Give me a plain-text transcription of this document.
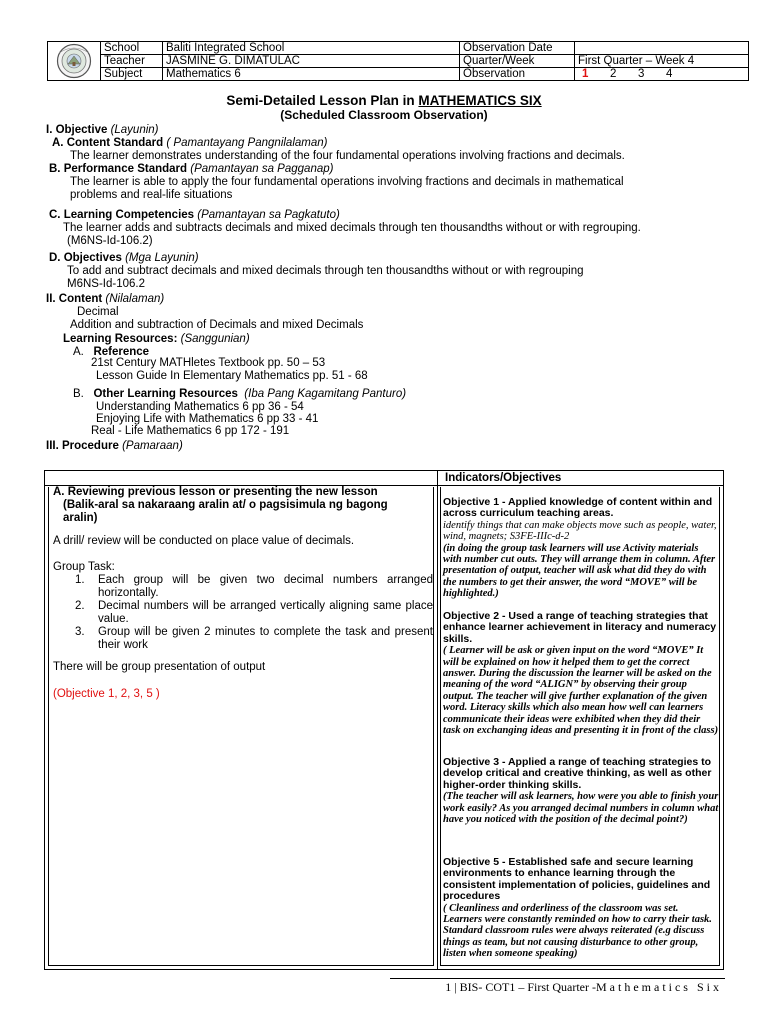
	School	Baliti Integrated School	Observation Date	
	Teacher	JASMINE G. DIMATULAC	Quarter/Week	First Quarter – Week 4
	Subject	Mathematics 6	Observation	1 2 3 4
Semi-Detailed Lesson Plan in MATHEMATICS SIX
(Scheduled Classroom Observation)
I. Objective (Layunin)
A. Content Standard ( Pamantayang Pangnilalaman)
The learner demonstrates understanding of the four fundamental operations involving fractions and decimals.
B. Performance Standard (Pamantayan sa Pagganap)
The learner is able to apply the four fundamental operations involving fractions and decimals in mathematical
problems and real-life situations
C. Learning Competencies (Pamantayan sa Pagkatuto)
The learner adds and subtracts decimals and mixed decimals through ten thousandths without or with regrouping.
(M6NS-Id-106.2)
D. Objectives (Mga Layunin)
To add and subtract decimals and mixed decimals through ten thousandths without or with regrouping
M6NS-Id-106.2
II. Content (Nilalaman)
Decimal
Addition and subtraction of Decimals and mixed Decimals
Learning Resources: (Sanggunian)
A. Reference
21st Century MATHletes Textbook pp. 50 – 53
Lesson Guide In Elementary Mathematics pp. 51 - 68
B. Other Learning Resources (Iba Pang Kagamitang Panturo)
Understanding Mathematics 6 pp 36 - 54
Enjoying Life with Mathematics 6 pp 33 - 41
Real - Life Mathematics 6 pp 172 - 191
III. Procedure (Pamaraan)
Indicators/Objectives
A. Reviewing previous lesson or presenting the new lesson
(Balik-aral sa nakaraang aralin at/ o pagsisimula ng bagong
aralin)
A drill/ review will be conducted on place value of decimals.
Group Task:
1. Each group will be given two decimal numbers arranged horizontally.
2. Decimal numbers will be arranged vertically aligning same place value.
3. Group will be given 2 minutes to complete the task and present their work
There will be group presentation of output
(Objective 1, 2, 3, 5 )
Objective 1 - Applied knowledge of content within and across curriculum teaching areas.
identify things that can make objects move such as people, water, wind, magnets; S3FE-IIIc-d-2
(in doing the group task learners will use Activity materials with number cut outs. They will arrange them in column. After presentation of output, teacher will ask what did they do with the numbers to get their answer, the word “MOVE” will be highlighted.)
Objective 2 - Used a range of teaching strategies that enhance learner achievement in literacy and numeracy skills.
( Learner will be ask or given input on the word “MOVE” It will be explained on how it helped them to get the correct answer. During the discussion the learner will be asked on the meaning of the word “ALIGN” by observing their group output. The teacher will give further explanation of the given word. Literacy skills which also mean how well can learners communicate their ideas were exhibited when they did their task on exchanging ideas and presenting it in front of the class)
Objective 3 - Applied a range of teaching strategies to develop critical and creative thinking, as well as other higher-order thinking skills.
(The teacher will ask learners, how were you able to finish your work easily? As you arranged decimal numbers in column what have you noticed with the position of the decimal point?)
Objective 5 - Established safe and secure learning environments to enhance learning through the consistent implementation of policies, guidelines and procedures
( Cleanliness and orderliness of the classroom was set. Learners were constantly reminded on how to carry their task. Standard classroom rules were always reiterated (e.g discuss things as team, but not causing disturbance to other group, listen when someone speaking)
1 | BIS- COT1 – First Quarter -Mathematics Six
